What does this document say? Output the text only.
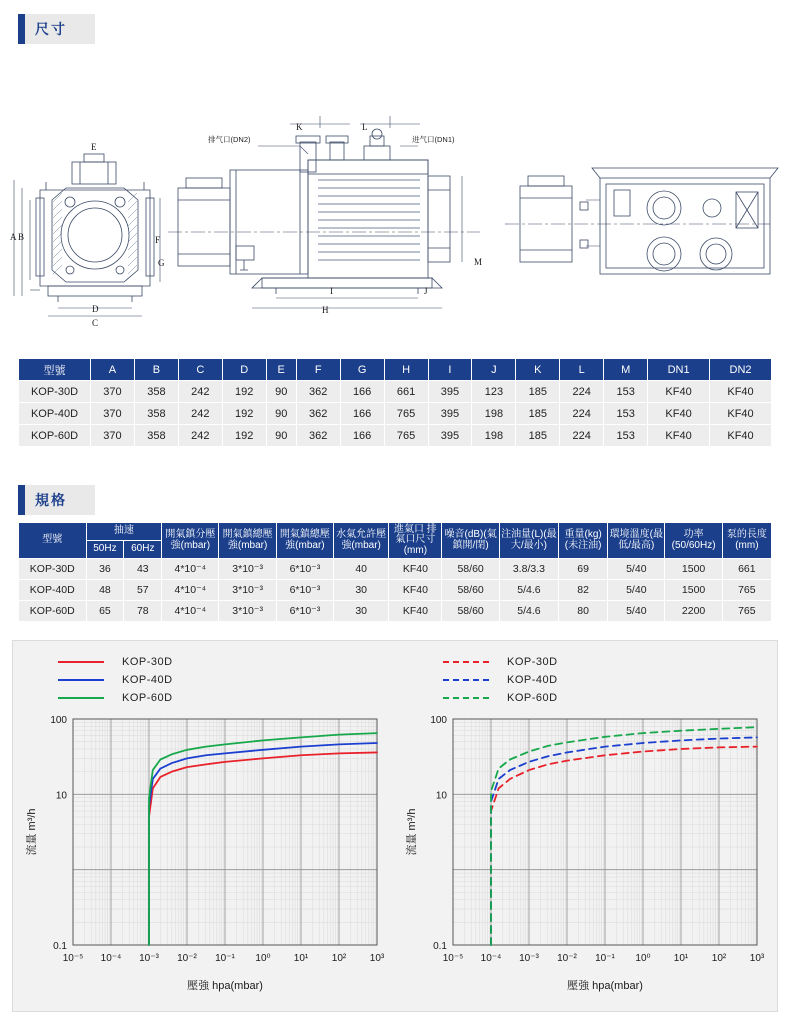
尺寸
A B
C
D
E
F
G
H
I	J
K	L
M
排气口(DN2)	进气口(DN1)
型號	A	B	C	D	E	F	G	H	I	J	K	L	M	DN1	DN2
KOP-30D	370	358	242	192	90	362	166	661	395	123	185	224	153	KF40	KF40
KOP-40D	370	358	242	192	90	362	166	765	395	198	185	224	153	KF40	KF40
KOP-60D	370	358	242	192	90	362	166	765	395	198	185	224	153	KF40	KF40
規格
型號	抽速		開氣鎮分壓強(mbar)	開氣鎮總壓強(mbar)	開氣鎮總壓強(mbar)	水氣允許壓強(mbar)	進氣口 排氣口尺寸(mm)	噪音(dB)(氣鎮開/閉)	注油量(L)(最大/最小)	重量(kg)(未注油)	環境溫度(最低/最高)	功率(50/60Hz)	泵的長度(mm)
	50Hz	60Hz											
KOP-30D	36	43	4*10⁻⁴	3*10⁻³	6*10⁻³	40	KF40	58/60	3.8/3.3	69	5/40	1500	661
KOP-40D	48	57	4*10⁻⁴	3*10⁻³	6*10⁻³	30	KF40	58/60	5/4.6	82	5/40	1500	765
KOP-60D	65	78	4*10⁻⁴	3*10⁻³	6*10⁻³	30	KF40	58/60	5/4.6	80	5/40	2200	765
KOP-30D
KOP-40D
KOP-60D
KOP-30D
KOP-40D
KOP-60D
10⁻⁵ 10⁻⁴ 10⁻³ 10⁻² 10⁻¹ 10⁰ 10¹ 10² 10³
100
10
0.1
壓強 hpa(mbar)
流量 m³/h
10⁻⁵ 10⁻⁴ 10⁻³ 10⁻² 10⁻¹ 10⁰ 10¹ 10² 10³
100
10
0.1
壓強 hpa(mbar)
流量 m³/h
